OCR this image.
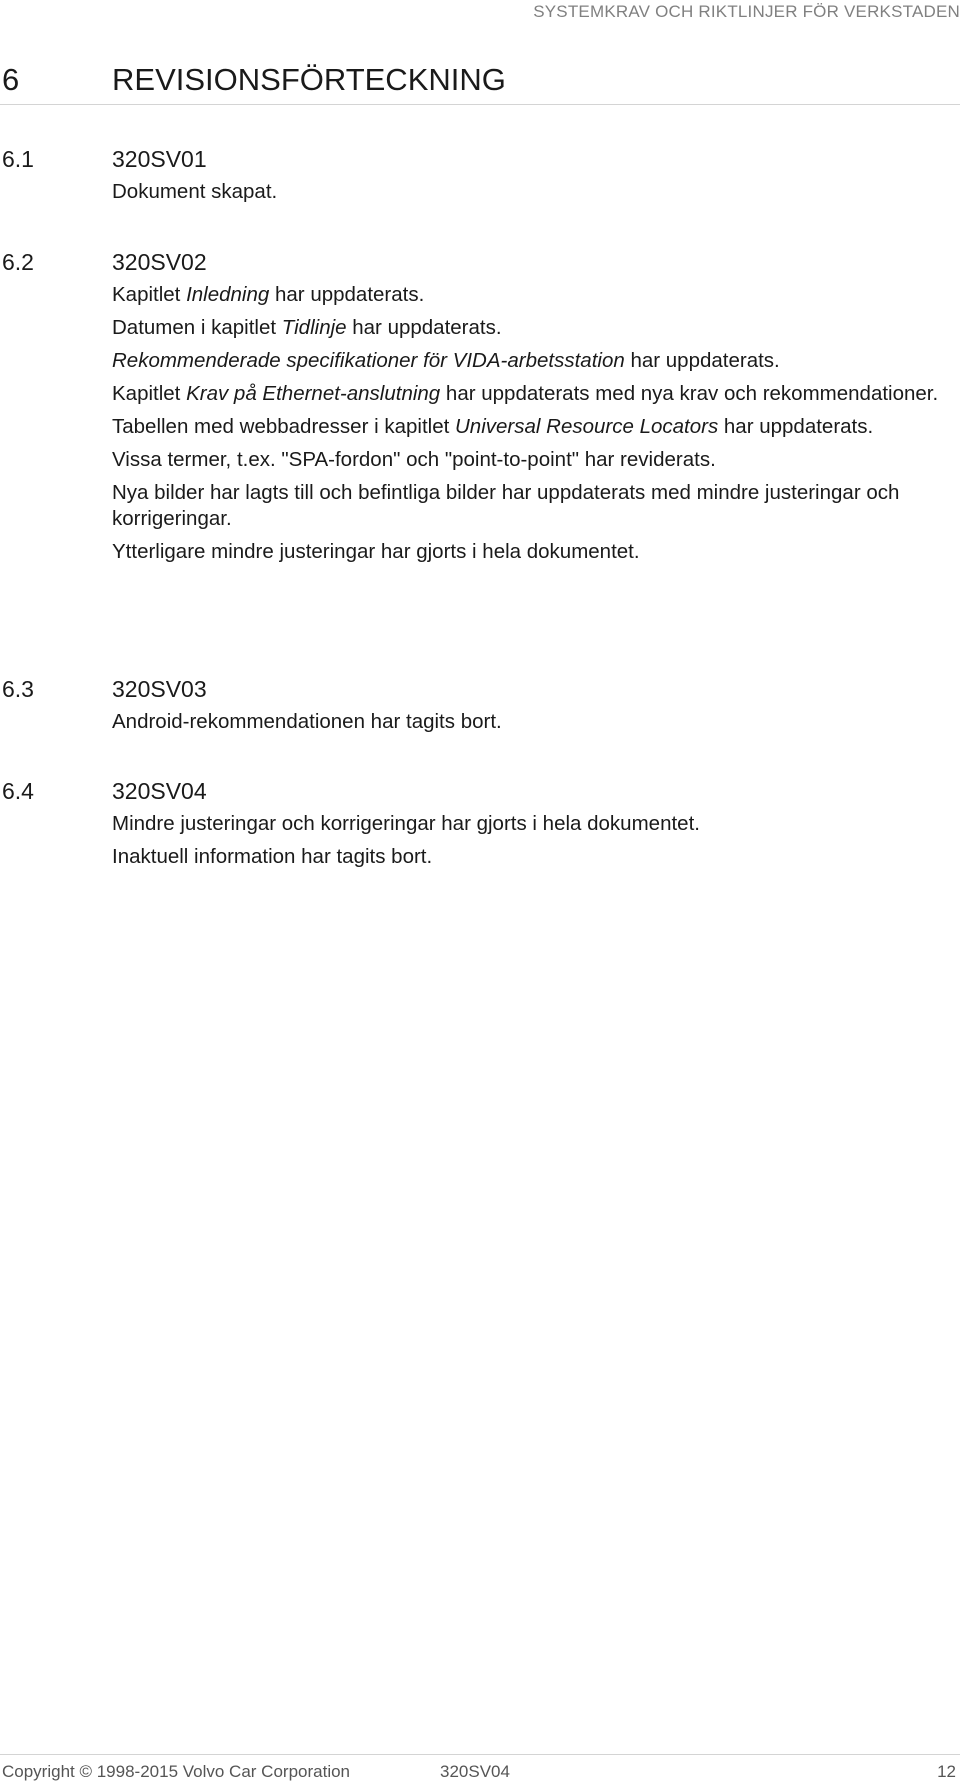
SYSTEMKRAV OCH RIKTLINJER FÖR VERKSTADEN
6	REVISIONSFÖRTECKNING
6.1	320SV01

Dokument skapat.

6.2	320SV02

Kapitlet Inledning har uppdaterats.

Datumen i kapitlet Tidlinje har uppdaterats.

Rekommenderade specifikationer för VIDA-arbetsstation har uppdaterats.

Kapitlet Krav på Ethernet-anslutning har uppdaterats med nya krav och rekommendationer.

Tabellen med webbadresser i kapitlet Universal Resource Locators har uppdaterats.

Vissa termer, t.ex. "SPA-fordon" och "point-to-point" har reviderats.

Nya bilder har lagts till och befintliga bilder har uppdaterats med mindre justeringar och korrigeringar.

Ytterligare mindre justeringar har gjorts i hela dokumentet.

6.3	320SV03

Android-rekommendationen har tagits bort.

6.4	320SV04

Mindre justeringar och korrigeringar har gjorts i hela dokumentet.

Inaktuell information har tagits bort.

Copyright © 1998-2015 Volvo Car Corporation	320SV04	12
